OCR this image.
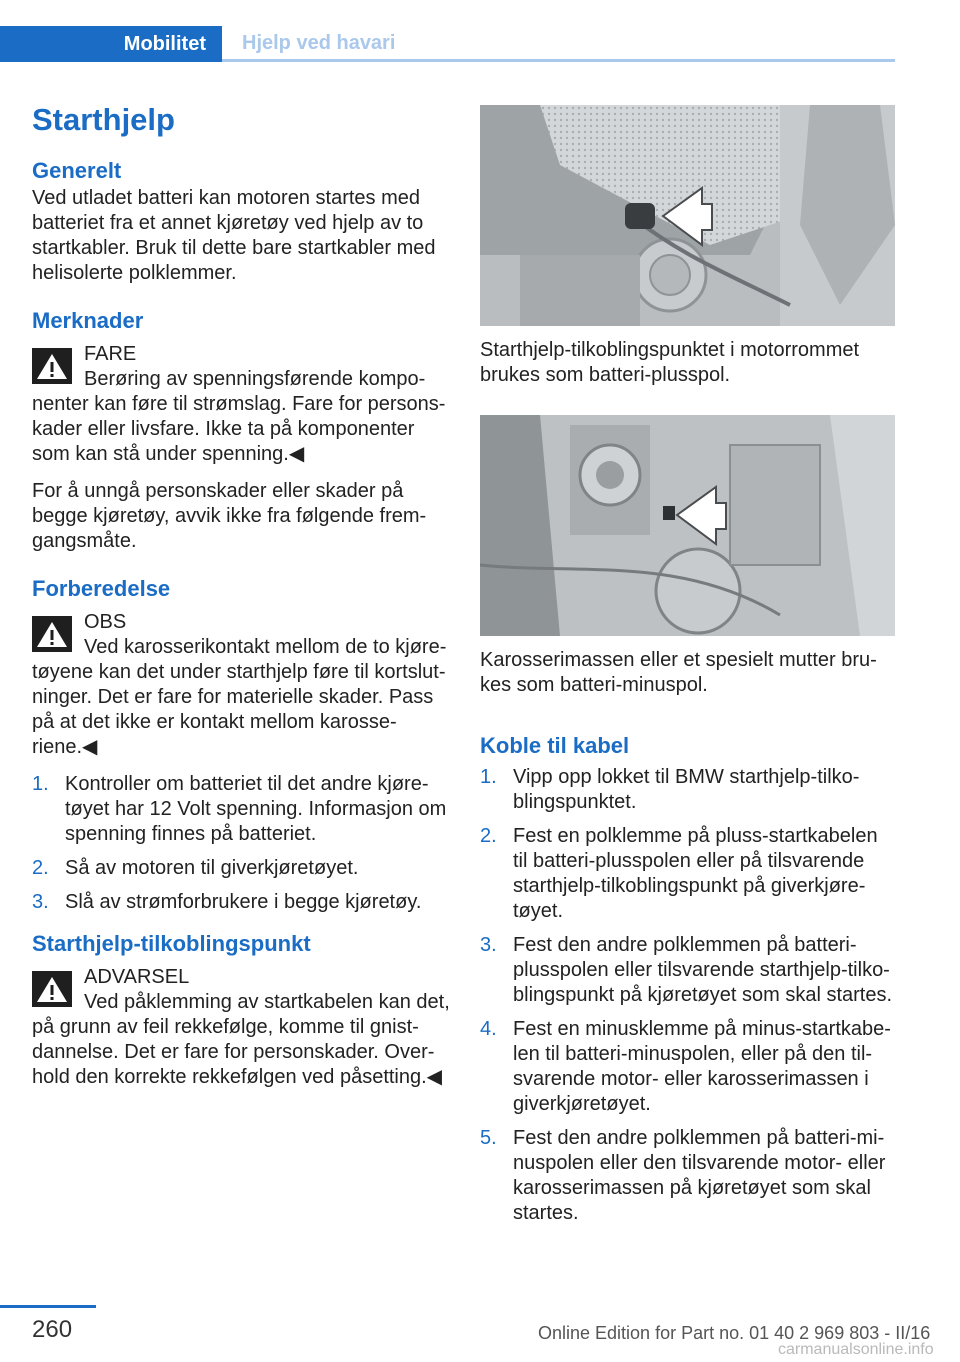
Mobilitet	Hjelp ved havari
Starthjelp
Generelt

Ved utladet batteri kan motoren startes med batteriet fra et annet kjøretøy ved hjelp av to startkabler. Bruk til dette bare startkabler med helisolerte polklemmer.

Merknader

FARE

Berøring av spenningsførende kompo‐nenter kan føre til strømslag. Fare for persons‐kader eller livsfare. Ikke ta på komponenter som kan stå under spenning.◀

For å unngå personskader eller skader på begge kjøretøy, avvik ikke fra følgende frem‐gangsmåte.

Forberedelse

OBS

Ved karosserikontakt mellom de to kjøre‐tøyene kan det under starthjelp føre til kortslut‐ninger. Det er fare for materielle skader. Pass på at det ikke er kontakt mellom karosse‐riene.◀

1. Kontroller om batteriet til det andre kjøre‐tøyet har 12 Volt spenning. Informasjon om spenning finnes på batteriet.
2. Så av motoren til giverkjøretøyet.
3. Slå av strømforbrukere i begge kjøretøy.
Starthjelp-tilkoblingspunkt

ADVARSEL

Ved påklemming av startkabelen kan det, på grunn av feil rekkefølge, komme til gnist‐dannelse. Det er fare for personskader. Over‐hold den korrekte rekkefølgen ved påsetting.◀

Starthjelp-tilkoblingspunktet i motorrommet brukes som batteri-plusspol.

Karosserimassen eller et spesielt mutter bru‐kes som batteri-minuspol.

Koble til kabel
1. Vipp opp lokket til BMW starthjelp-tilko‐blingspunktet.
2. Fest en polklemme på pluss-startkabelen til batteri-plusspolen eller på tilsvarende starthjelp-tilkoblingspunkt på giverkjøre‐tøyet.
3. Fest den andre polklemmen på batteri-plusspolen eller tilsvarende starthjelp-tilko‐blingspunkt på kjøretøyet som skal startes.
4. Fest en minusklemme på minus-startkabe‐len til batteri-minuspolen, eller på den til‐svarende motor- eller karosserimassen i giverkjøretøyet.
5. Fest den andre polklemmen på batteri-mi‐nuspolen eller den tilsvarende motor- eller karosserimassen på kjøretøyet som skal startes.
260	Online Edition for Part no. 01 40 2 969 803 - II/16
carmanualsonline.info
